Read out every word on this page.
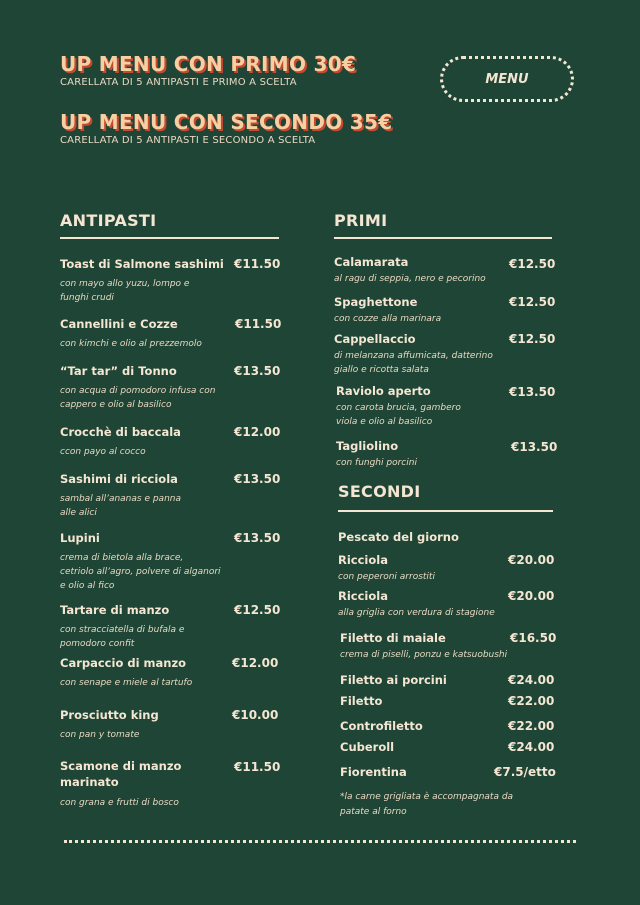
UP MENU CON PRIMO 30€
CARELLATA DI 5 ANTIPASTI E PRIMO A SCELTA
UP MENU CON SECONDO 35€
CARELLATA DI 5 ANTIPASTI E SECONDO A SCELTA
MENU
ANTIPASTI	PRIMI
SECONDI
Toast di Salmone sashimi
con mayo allo yuzu, lompo e
funghi crudi
€11.50
Cannellini e Cozze
con kimchi e olio al prezzemolo
€11.50
“Tar tar” di Tonno
con acqua di pomodoro infusa con
cappero e olio al basilico
€13.50
Crocchè di baccala
ccon payo al cocco
€12.00
Sashimi di ricciola
sambal all’ananas e panna
alle alici
€13.50
Lupini
crema di bietola alla brace,
cetriolo all’agro, polvere di alganori
e olio al fico
€13.50
Tartare di manzo
con stracciatella di bufala e
pomodoro confit
€12.50
Carpaccio di manzo
con senape e miele al tartufo
€12.00
Prosciutto king
con pan y tomate
€10.00
Scamone di manzo
marinato
con grana e frutti di bosco
€11.50
Calamarata
al ragu di seppia, nero e pecorino
€12.50
Spaghettone
con cozze alla marinara
€12.50
Cappellaccio
di melanzana affumicata, datterino
giallo e ricotta salata
€12.50
Raviolo aperto
con carota brucia, gambero
viola e olio al basilico
€13.50
Tagliolino
con funghi porcini
€13.50
Pescato del giorno
Ricciola
con peperoni arrostiti
€20.00
Ricciola
alla griglia con verdura di stagione
€20.00
Filetto di maiale
crema di piselli, ponzu e katsuobushi
€16.50
Filetto ai porcini	€24.00
Filetto	€22.00
Controfiletto	€22.00
Cuberoll	€24.00
Fiorentina	€7.5/etto
*la carne grigliata è accompagnata da
patate al forno
